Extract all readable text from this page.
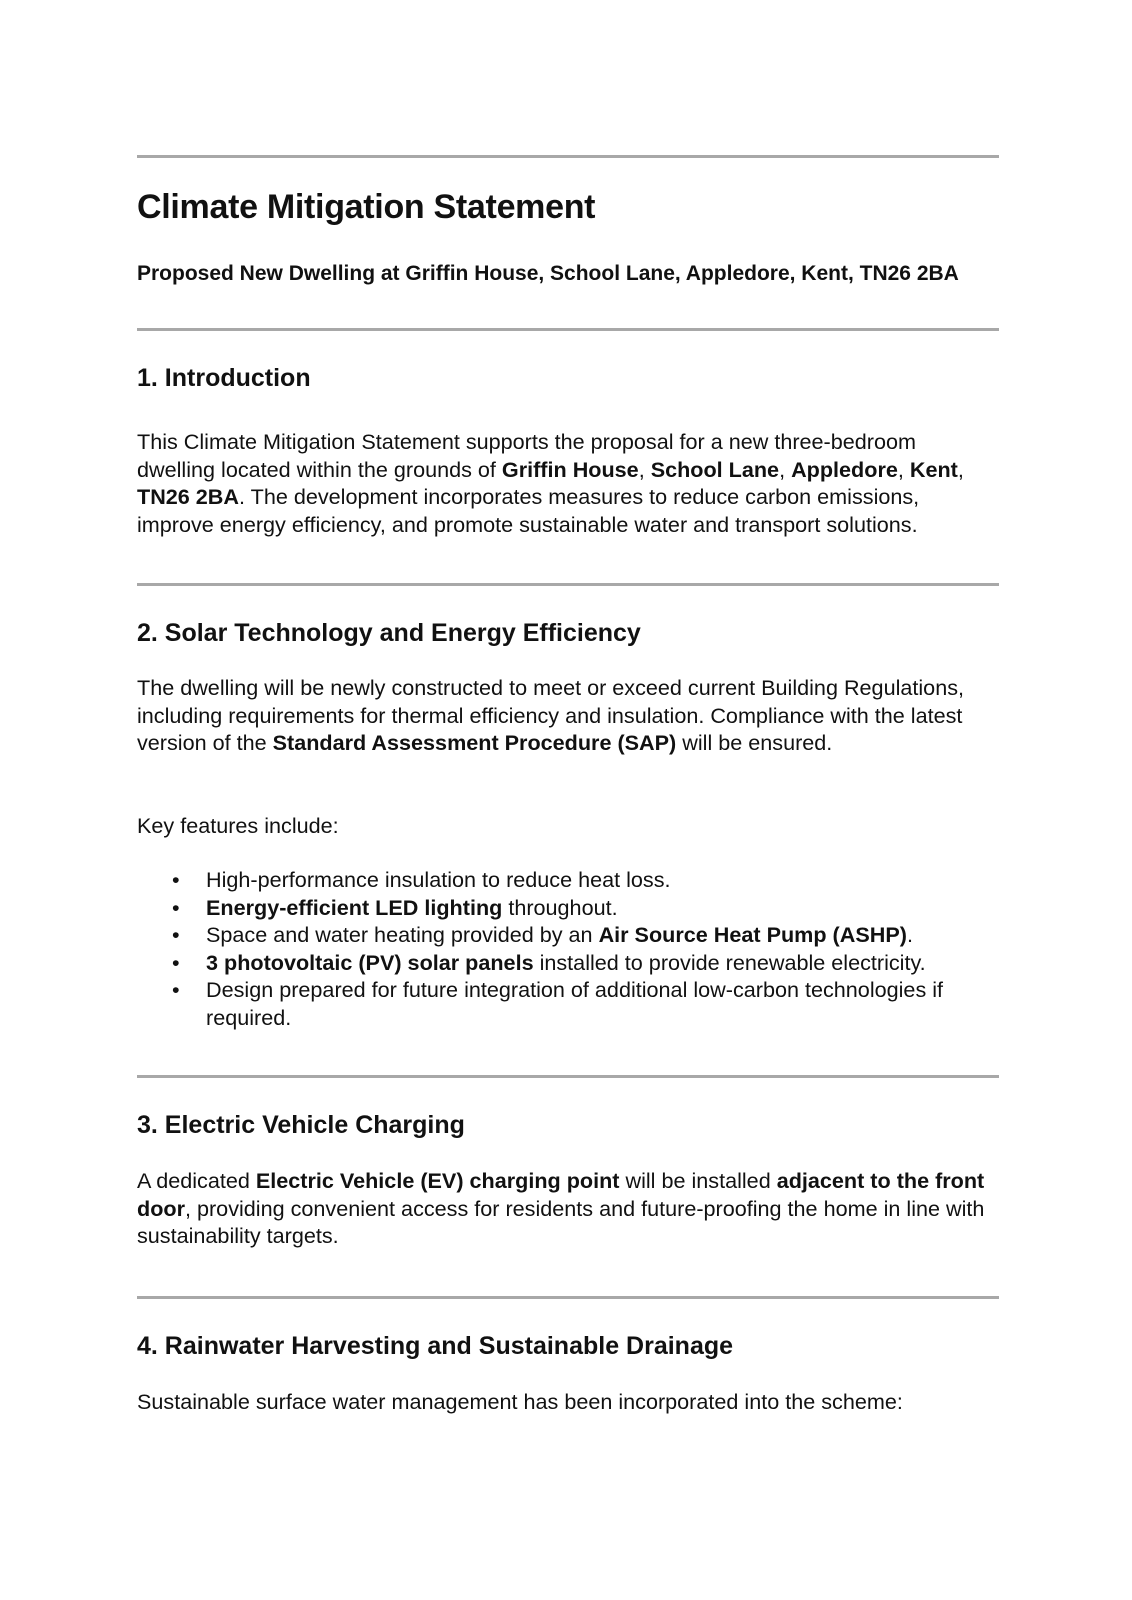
Climate Mitigation Statement

Proposed New Dwelling at Griffin House, School Lane, Appledore, Kent, TN26 2BA

1. Introduction

This Climate Mitigation Statement supports the proposal for a new three-bedroom dwelling located within the grounds of Griffin House, School Lane, Appledore, Kent, TN26 2BA. The development incorporates measures to reduce carbon emissions, improve energy efficiency, and promote sustainable water and transport solutions.

2. Solar Technology and Energy Efficiency

The dwelling will be newly constructed to meet or exceed current Building Regulations, including requirements for thermal efficiency and insulation. Compliance with the latest version of the Standard Assessment Procedure (SAP) will be ensured.

Key features include:

• High-performance insulation to reduce heat loss.
• Energy-efficient LED lighting throughout.
• Space and water heating provided by an Air Source Heat Pump (ASHP).
• 3 photovoltaic (PV) solar panels installed to provide renewable electricity.
• Design prepared for future integration of additional low-carbon technologies if required.
3. Electric Vehicle Charging

A dedicated Electric Vehicle (EV) charging point will be installed adjacent to the front door, providing convenient access for residents and future-proofing the home in line with sustainability targets.

4. Rainwater Harvesting and Sustainable Drainage

Sustainable surface water management has been incorporated into the scheme:
